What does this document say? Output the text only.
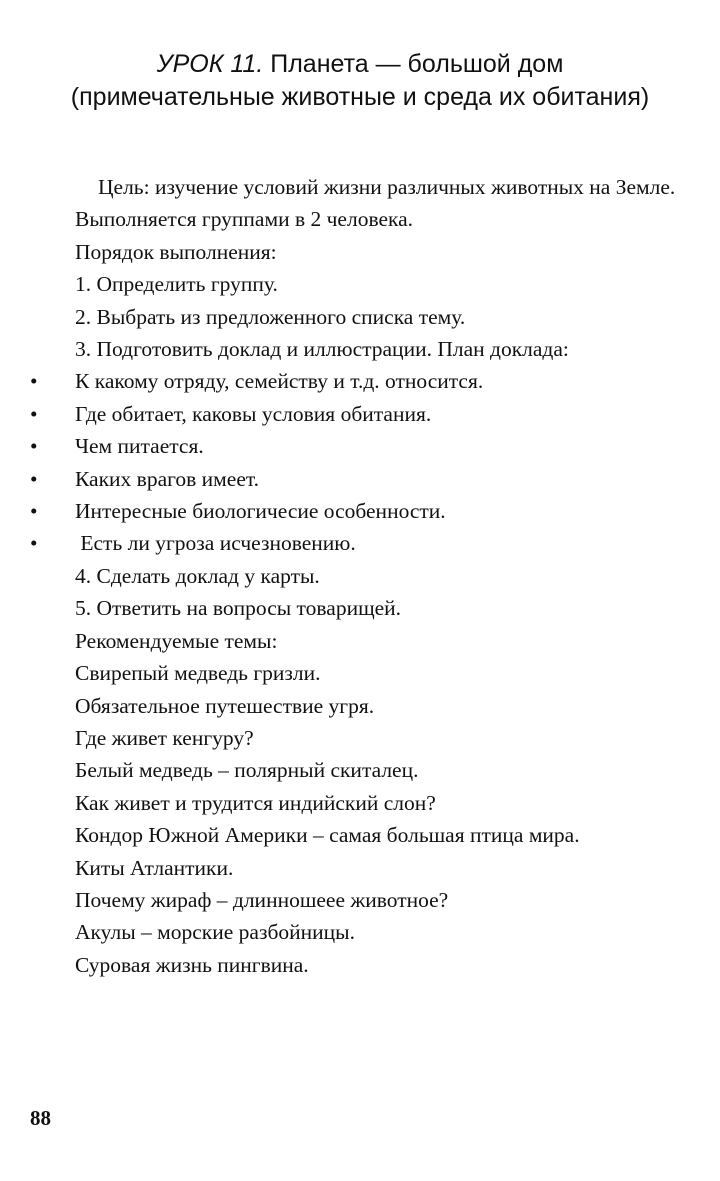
УРОК 11. Планета — большой дом
(примечательные животные и среда их обитания)
Цель: изучение условий жизни различных животных на Земле.
Выполняется группами в 2 человека.
Порядок выполнения:
1. Определить группу.
2. Выбрать из предложенного списка тему.
3. Подготовить доклад и иллюстрации. План доклада:
•	К какому отряду, семейству и т.д. относится.
•	Где обитает, каковы условия обитания.
•	Чем питается.
•	Каких врагов имеет.
•	Интересные биологичесие особенности.
•	Есть ли угроза исчезновению.
4. Сделать доклад у карты.
5. Ответить на вопросы товарищей.
Рекомендуемые темы:
Свирепый медведь гризли.
Обязательное путешествие угря.
Где живет кенгуру?
Белый медведь – полярный скиталец.
Как живет и трудится индийский слон?
Кондор Южной Америки – самая большая птица мира.
Киты Атлантики.
Почему жираф – длинношеее животное?
Акулы – морские разбойницы.
Суровая жизнь пингвина.
88
